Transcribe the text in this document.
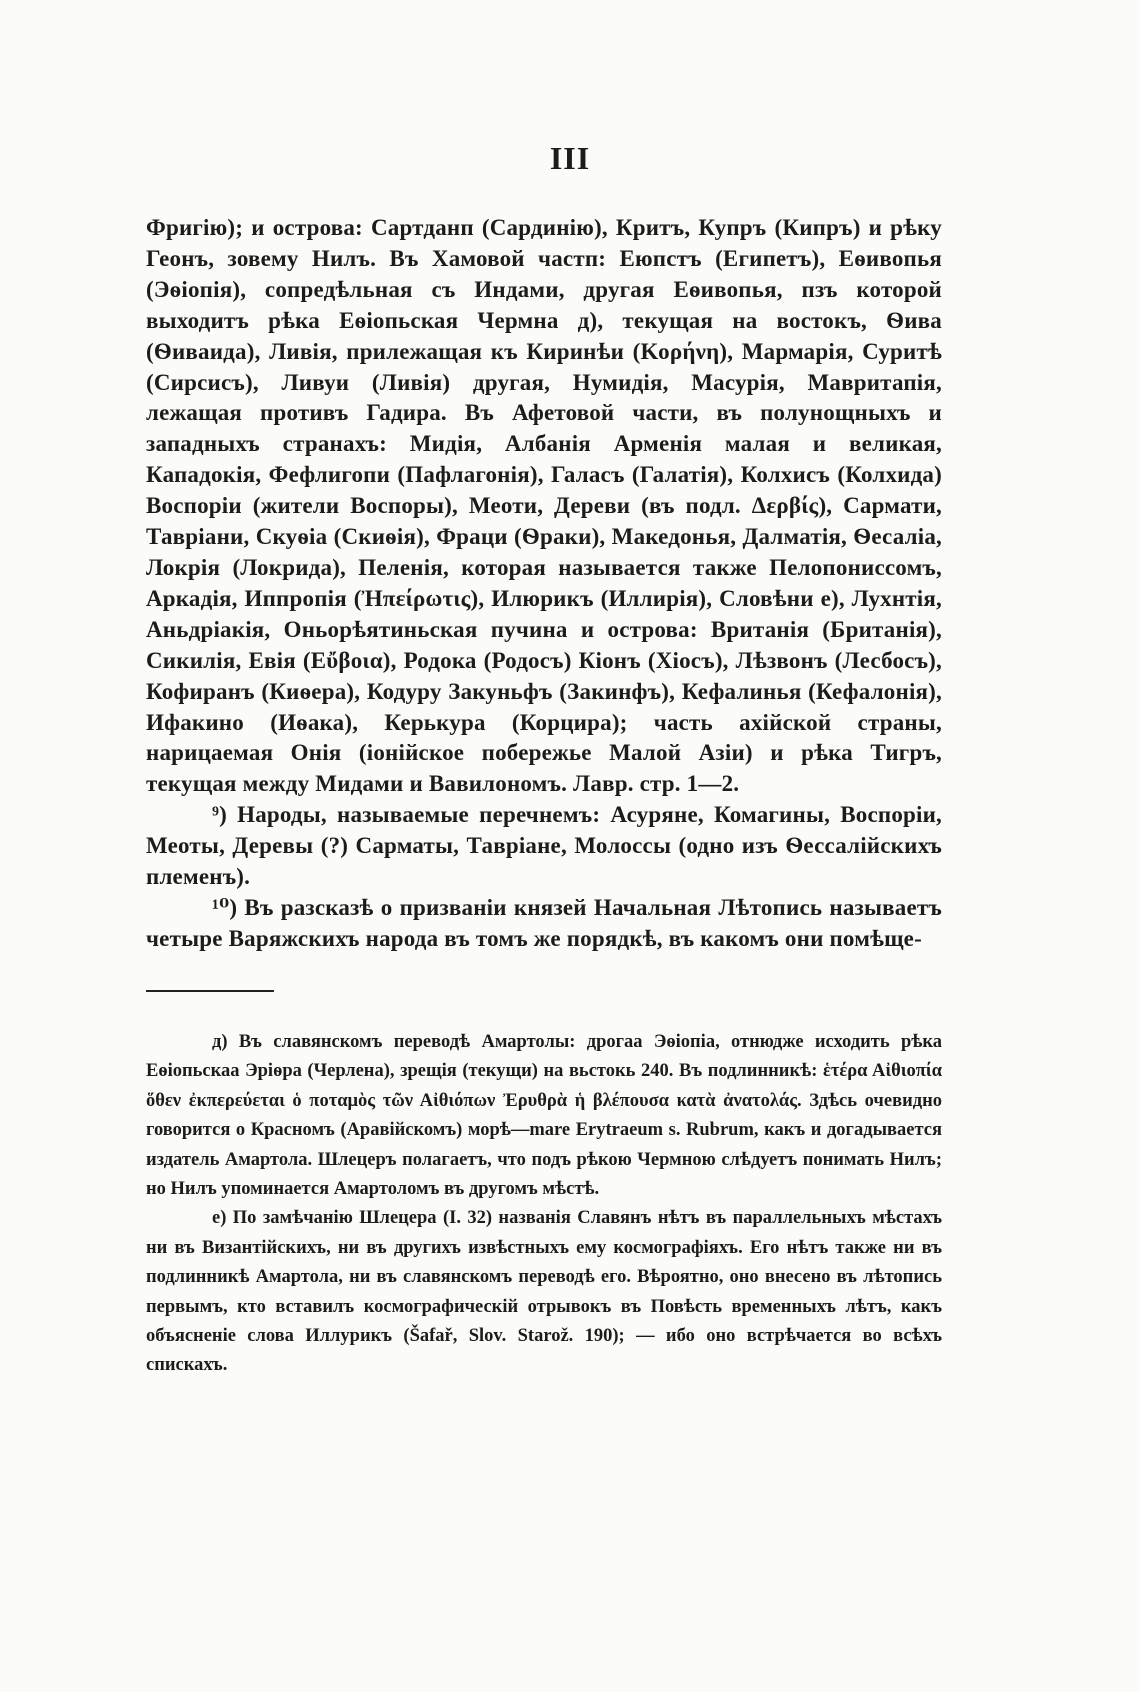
III

Фригію); и острова: Сартданп (Сардинію), Критъ, Купръ (Кипръ) и рѣку Геонъ, зовему Нилъ. Въ Хамовой частп: Еюпстъ (Египетъ), Еѳивопья (Эѳіопія), сопредѣльная съ Индами, другая Еѳивопья, пзъ которой выходитъ рѣка Еѳіопьская Чермна д), текущая на востокъ, Ѳива (Ѳиваида), Ливія, прилежащая къ Киринѣи (Κορήνη), Мармарія, Суритѣ (Сирсисъ), Ливуи (Ливія) другая, Нумидія, Масурія, Мавритапія, лежащая противъ Гадира. Въ Афетовой части, въ полунощныхъ и западныхъ странахъ: Мидія, Албанія Арменія малая и великая, Кападокія, Фефлигопи (Пафлагонія), Галасъ (Галатія), Колхисъ (Колхида) Воспоріи (жители Воспоры), Меоти, Дереви (въ подл. Δερβίς), Сармати, Тавріани, Скуѳіа (Скиѳія), Фраци (Ѳраки), Македонья, Далматія, Ѳесаліа, Локрія (Локрида), Пеленія, которая называется также Пелопониссомъ, Аркадія, Иппропія (Ἠπείρωτις), Илюрикъ (Иллирія), Словѣни е), Лухнтія, Аньдріакія, Оньорѣятиньская пучина и острова: Вританія (Британія), Сикилія, Евія (Εὔβοια), Родока (Родосъ) Кіонъ (Хіосъ), Лѣзвонъ (Лесбосъ), Кофиранъ (Киѳера), Кодуру Закуньфъ (Закинфъ), Кефалинья (Кефалонія), Ифакино (Иѳака), Керькура (Корцира); часть ахійской страны, нарицаемая Онія (іонійское побережье Малой Азіи) и рѣка Тигръ, текущая между Мидами и Вавилономъ. Лавр. стр. 1—2.

⁹) Народы, называемые перечнемъ: Асуряне, Комагины, Воспоріи, Меоты, Деревы (?) Сарматы, Тавріане, Молоссы (одно изъ Ѳессалійскихъ племенъ).

¹⁰) Въ разсказѣ о призваніи князей Начальная Лѣтопись называетъ четыре Варяжскихъ народа въ томъ же порядкѣ, въ какомъ они помѣще-

д) Въ славянскомъ переводѣ Амартолы: дрогаа Эѳіопіа, отнюдже исходить рѣка Еѳіопьскаа Эріѳра (Черлена), зрещія (текущи) на вьстокь 240. Въ подлинникѣ: ἑτέρα Αἰθιοπία ὅθεν ἐκπερεύεται ὁ ποταμὸς τῶν Αἰθιόπων Ἐρυθρὰ ἡ βλέπουσα κατὰ ἀνατολάς. Здѣсь очевидно говорится о Красномъ (Аравійскомъ) морѣ—mare Erytraeum s. Rubrum, какъ и догадывается издатель Амартола. Шлецеръ полагаетъ, что подъ рѣкою Чермною слѣдуетъ понимать Нилъ; но Нилъ упоминается Амартоломъ въ другомъ мѣстѣ.

е) По замѣчанію Шлецера (I. 32) названія Славянъ нѣтъ въ параллельныхъ мѣстахъ ни въ Византійскихъ, ни въ другихъ извѣстныхъ ему космографіяхъ. Его нѣтъ также ни въ подлинникѣ Амартола, ни въ славянскомъ переводѣ его. Вѣроятно, оно внесено въ лѣтопись первымъ, кто вставилъ космографическій отрывокъ въ Повѣсть временныхъ лѣтъ, какъ объясненіе слова Иллурикъ (Šafař, Slov. Starož. 190); — ибо оно встрѣчается во всѣхъ спискахъ.
